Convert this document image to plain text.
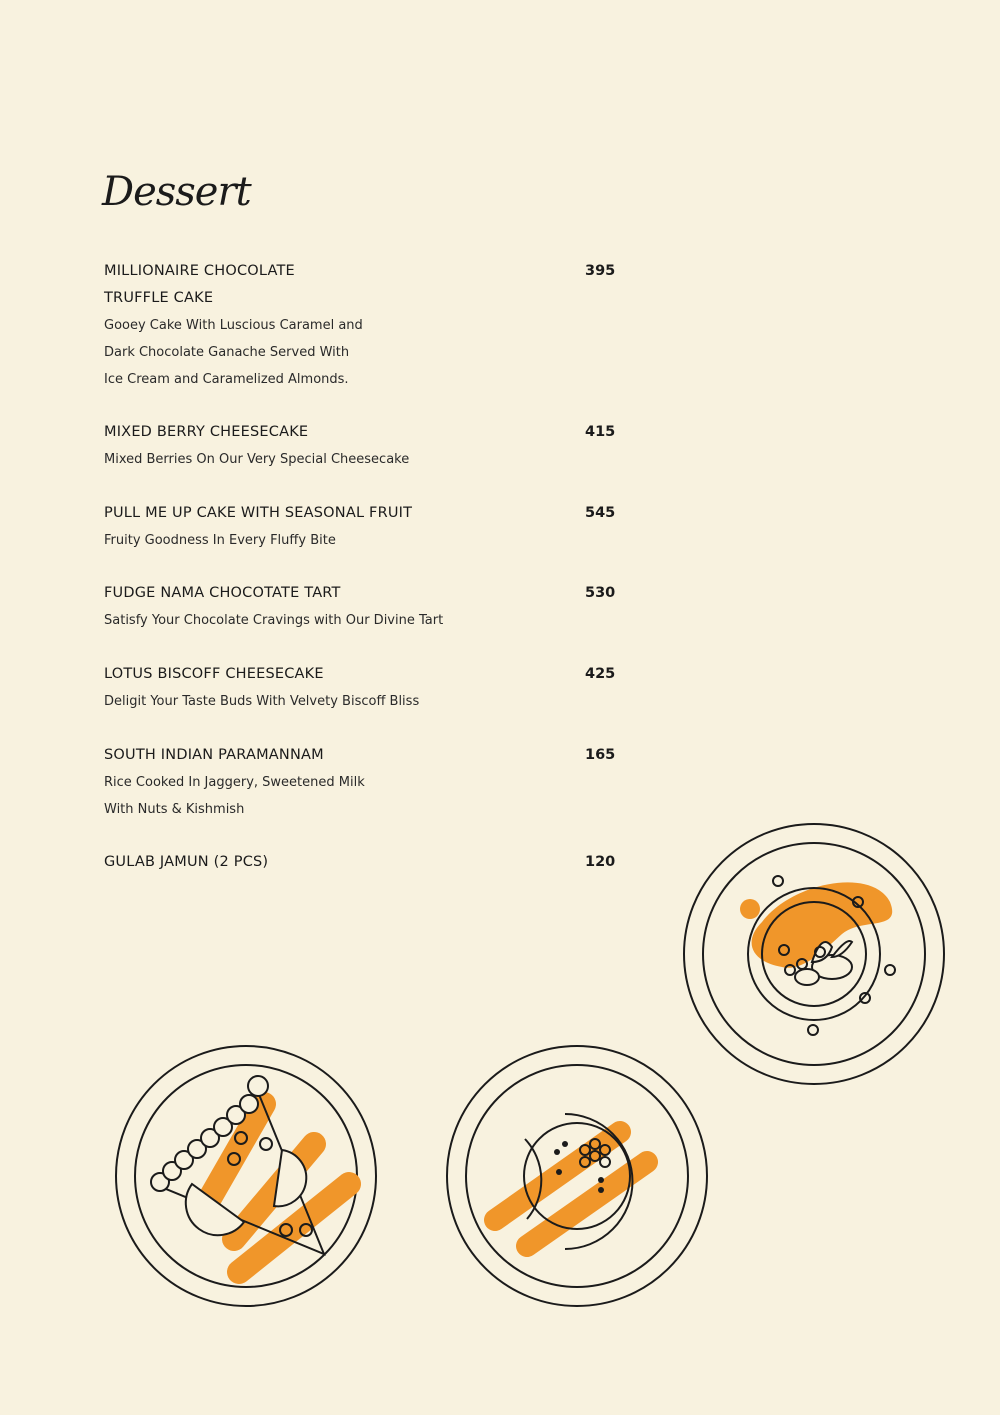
Dessert
MILLIONAIRE CHOCOLATE
TRUFFLE CAKE
395
Gooey Cake With Luscious Caramel and
Dark Chocolate Ganache Served With
Ice Cream and Caramelized Almonds.
MIXED BERRY CHEESECAKE	415
Mixed Berries On Our Very Special Cheesecake
PULL ME UP CAKE WITH SEASONAL FRUIT	545
Fruity Goodness In Every Fluffy Bite
FUDGE NAMA CHOCOTATE TART	530
Satisfy Your Chocolate Cravings with Our Divine Tart
LOTUS BISCOFF CHEESECAKE	425
Deligit Your Taste Buds With Velvety Biscoff Bliss
SOUTH INDIAN PARAMANNAM	165
Rice Cooked In Jaggery, Sweetened Milk
With Nuts & Kishmish
GULAB JAMUN (2 PCS)	120
